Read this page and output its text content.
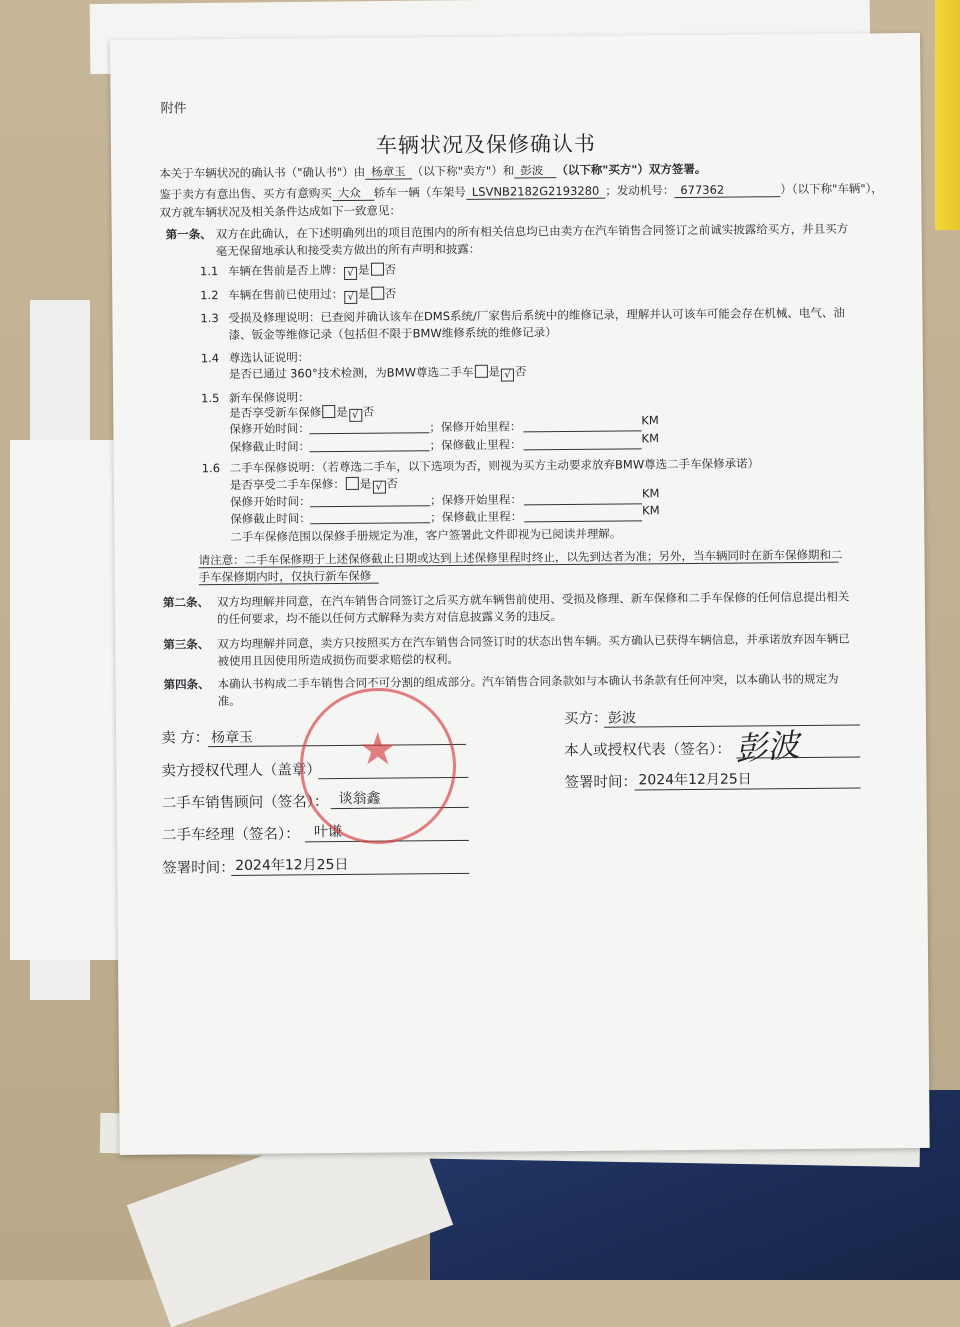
附件
车辆状况及保修确认书
本关于车辆状况的确认书（"确认书"）由 杨章玉 （以下称"卖方"）和 彭波 （以下称"买方"）双方签署。
鉴于卖方有意出售、买方有意购买 大众 轿车一辆（车架号 LSVNB2182G2193280 ；发动机号： 677362	）（以下称"车辆"），
双方就车辆状况及相关条件达成如下一致意见：
第一条、 双方在此确认，在下述明确列出的项目范围内的所有相关信息均已由卖方在汽车销售合同签订之前诚实披露给买方，并且买方
毫无保留地承认和接受卖方做出的所有声明和披露：
1.1 车辆在售前是否上牌： √ 是 否
1.2 车辆在售前已使用过： √ 是 否
1.3 受损及修理说明：已查阅并确认该车在DMS系统/厂家售后系统中的维修记录，理解并认可该车可能会存在机械、电气、油
漆、钣金等维修记录（包括但不限于BMW维修系统的维修记录）
1.4 尊选认证说明：
是否已通过 360°技术检测，为BMW尊选二手车 是 √ 否
1.5 新车保修说明：
是否享受新车保修 是 √ 否
保修开始时间：	；保修开始里程：	KM
保修截止时间：	；保修截止里程：	KM
1.6 二手车保修说明：（若尊选二手车，以下选项为否，则视为买方主动要求放弃BMW尊选二手车保修承诺）
是否享受二手车保修： 是 √ 否
保修开始时间：	；保修开始里程：	KM
保修截止时间：	；保修截止里程：	KM
二手车保修范围以保修手册规定为准，客户签署此文件即视为已阅读并理解。
请注意：二手车保修期于上述保修截止日期或达到上述保修里程时终止，以先到达者为准；另外，当车辆同时在新车保修期和二
手车保修期内时，仅执行新车保修
第二条、 双方均理解并同意，在汽车销售合同签订之后买方就车辆售前使用、受损及修理、新车保修和二手车保修的任何信息提出相关
的任何要求，均不能以任何方式解释为卖方对信息披露义务的违反。
第三条、 双方均理解并同意，卖方只按照买方在汽车销售合同签订时的状态出售车辆。买方确认已获得车辆信息，并承诺放弃因车辆已
被使用且因使用所造成损伤而要求赔偿的权利。
第四条、 本确认书构成二手车销售合同不可分割的组成部分。汽车销售合同条款如与本确认书条款有任何冲突，以本确认书的规定为
准。
卖 方： 杨章玉
卖方授权代理人（盖章）
二手车销售顾问（签名）： 谈翁鑫
二手车经理（签名）： 叶谦
签署时间： 2024年12月25日
买方： 彭波
本人或授权代表（签名）：
签署时间： 2024年12月25日
★	彭波
